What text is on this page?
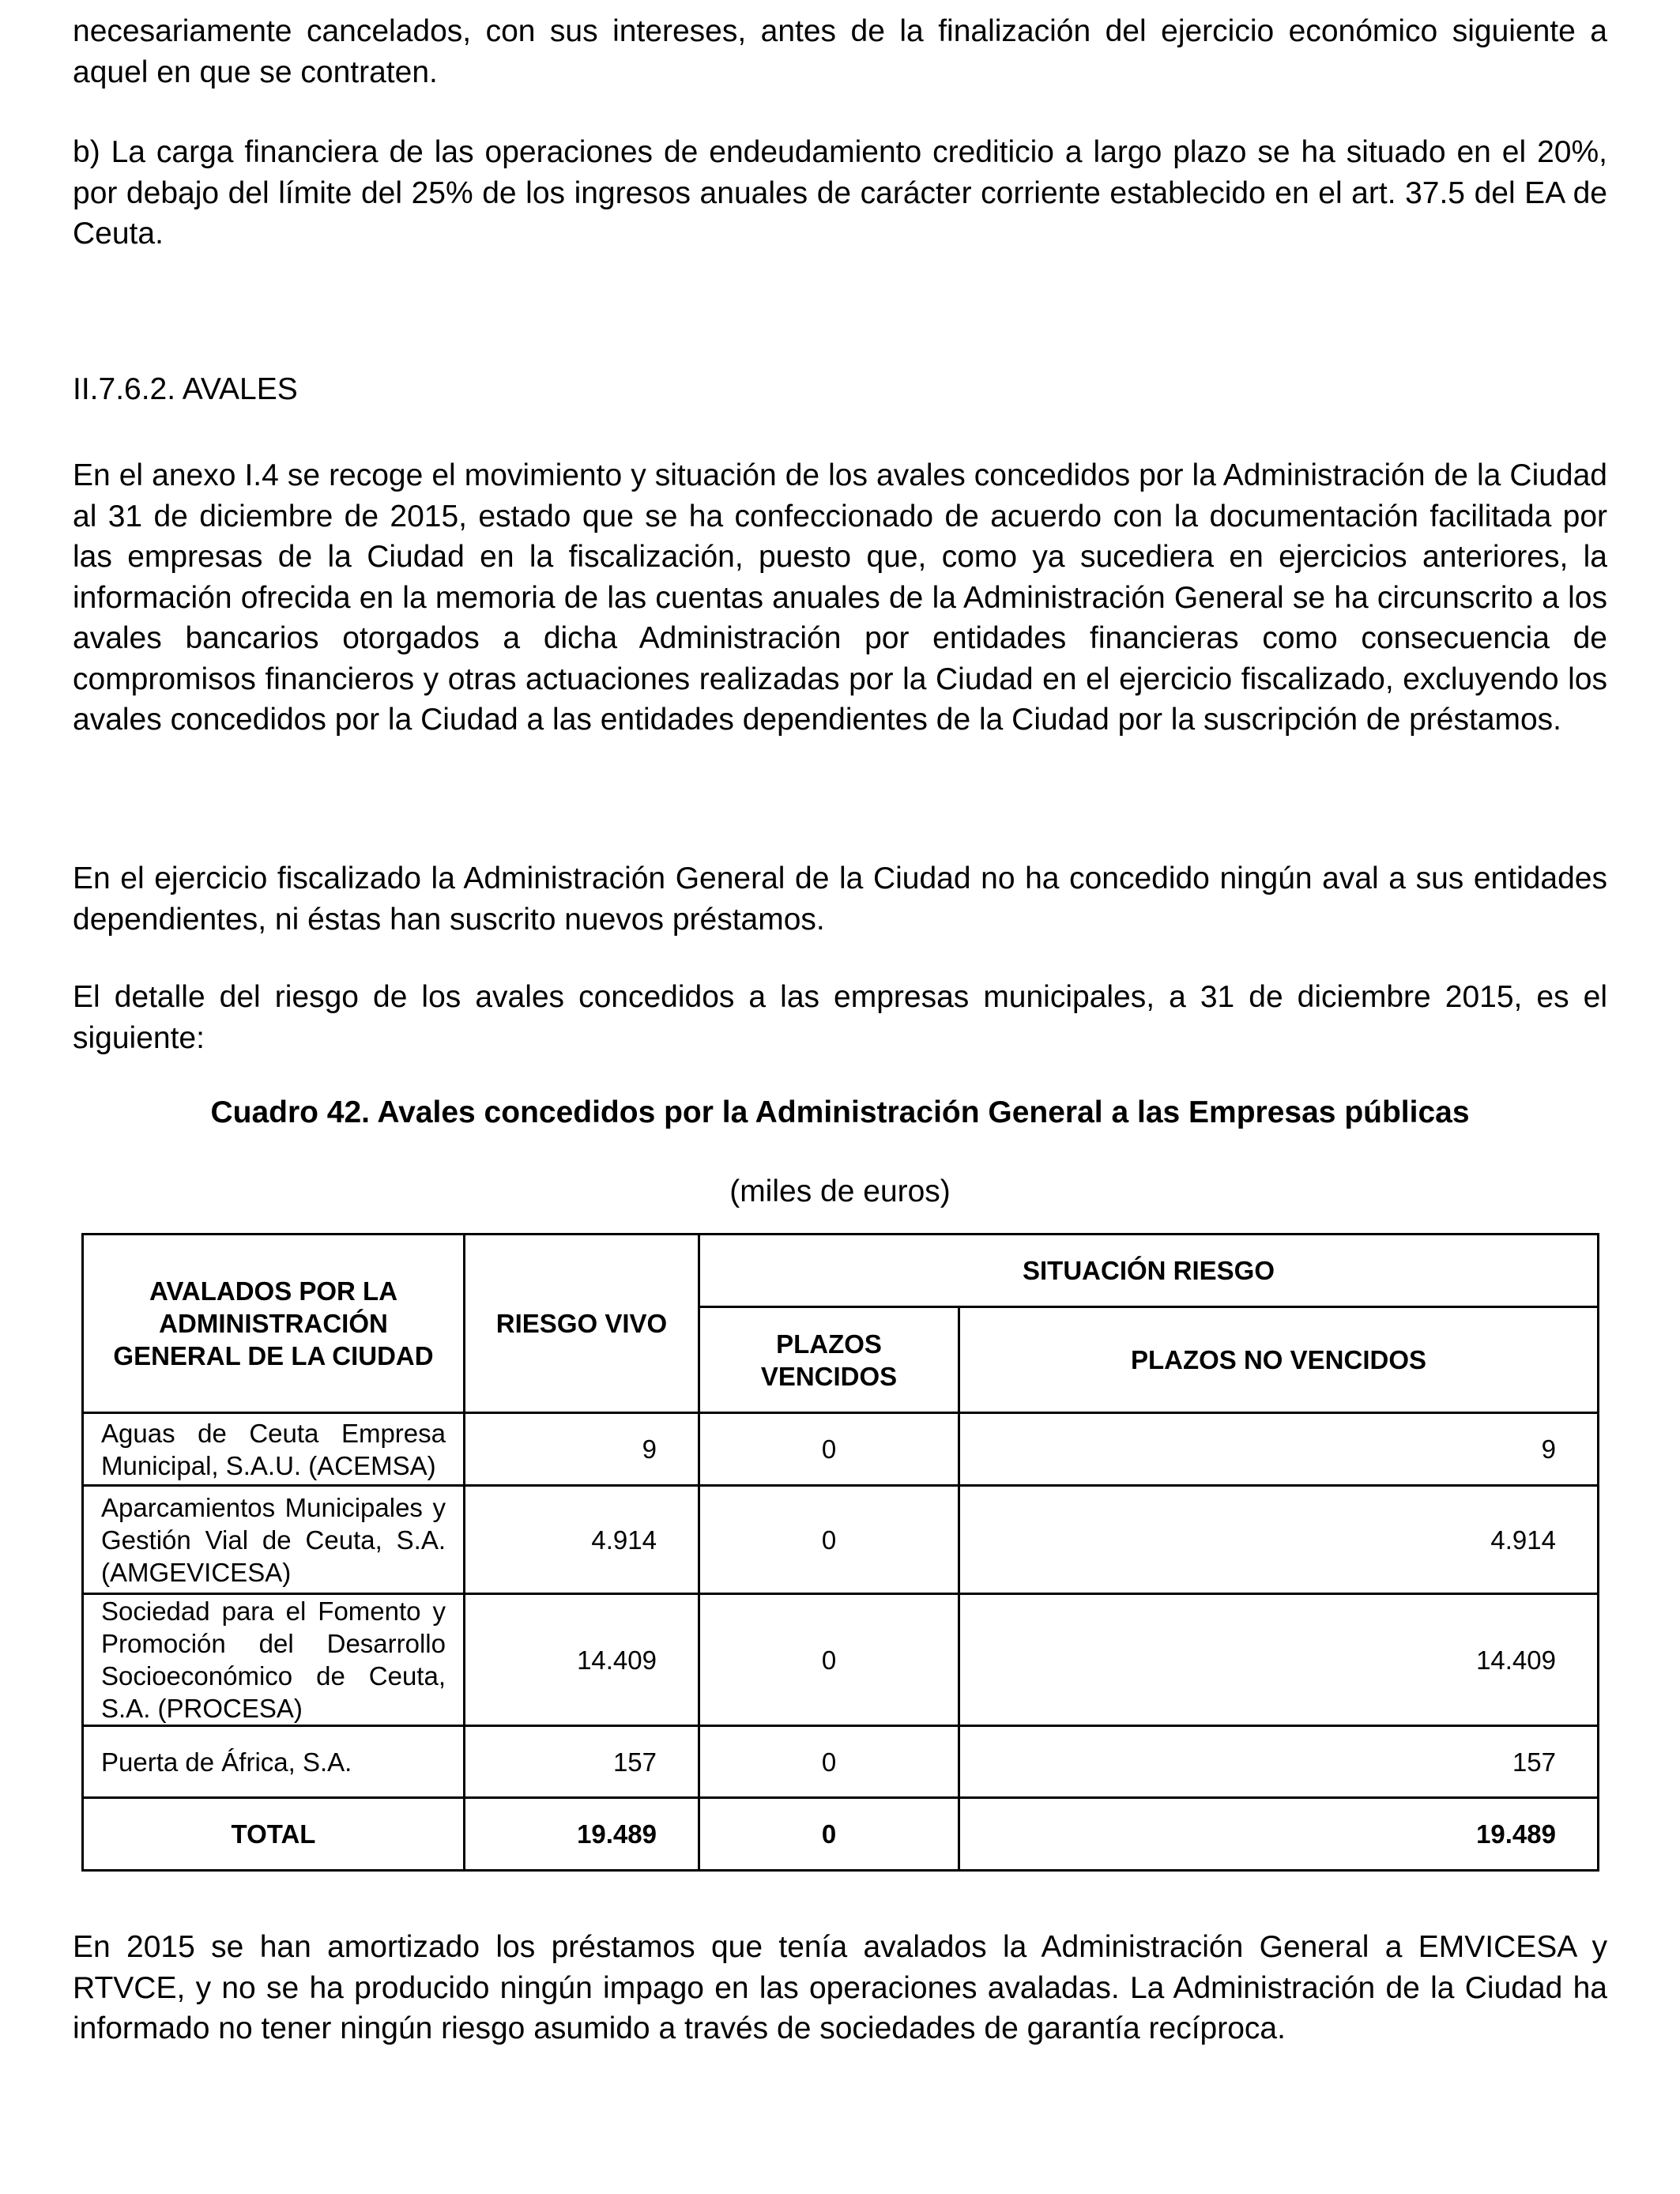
necesariamente cancelados, con sus intereses, antes de la finalización del ejercicio económico siguiente a aquel en que se contraten.

b) La carga financiera de las operaciones de endeudamiento crediticio a largo plazo se ha situado en el 20%, por debajo del límite del 25% de los ingresos anuales de carácter corriente establecido en el art. 37.5 del EA de Ceuta.

II.7.6.2. AVALES

En el anexo I.4 se recoge el movimiento y situación de los avales concedidos por la Administración de la Ciudad al 31 de diciembre de 2015, estado que se ha confeccionado de acuerdo con la documentación facilitada por las empresas de la Ciudad en la fiscalización, puesto que, como ya sucediera en ejercicios anteriores, la información ofrecida en la memoria de las cuentas anuales de la Administración General se ha circunscrito a los avales bancarios otorgados a dicha Administración por entidades financieras como consecuencia de compromisos financieros y otras actuaciones realizadas por la Ciudad en el ejercicio fiscalizado, excluyendo los avales concedidos por la Ciudad a las entidades dependientes de la Ciudad por la suscripción de préstamos.

En el ejercicio fiscalizado la Administración General de la Ciudad no ha concedido ningún aval a sus entidades dependientes, ni éstas han suscrito nuevos préstamos.

El detalle del riesgo de los avales concedidos a las empresas municipales, a 31 de diciembre 2015, es el siguiente:

Cuadro 42. Avales concedidos por la Administración General a las Empresas públicas

(miles de euros)

AVALADOS POR LA ADMINISTRACIÓN GENERAL DE LA CIUDAD	RIESGO VIVO	SITUACIÓN RIESGO	
		PLAZOS VENCIDOS	PLAZOS NO VENCIDOS
Aguas de Ceuta Empresa Municipal, S.A.U. (ACEMSA)	9	0	9
Aparcamientos Municipales y Gestión Vial de Ceuta, S.A. (AMGEVICESA)	4.914	0	4.914
Sociedad para el Fomento y Promoción del Desarrollo Socioeconómico de Ceuta, S.A. (PROCESA)	14.409	0	14.409
Puerta de África, S.A.	157	0	157
TOTAL	19.489	0	19.489

En 2015 se han amortizado los préstamos que tenía avalados la Administración General a EMVICESA y RTVCE, y no se ha producido ningún impago en las operaciones avaladas. La Administración de la Ciudad ha informado no tener ningún riesgo asumido a través de sociedades de garantía recíproca.
